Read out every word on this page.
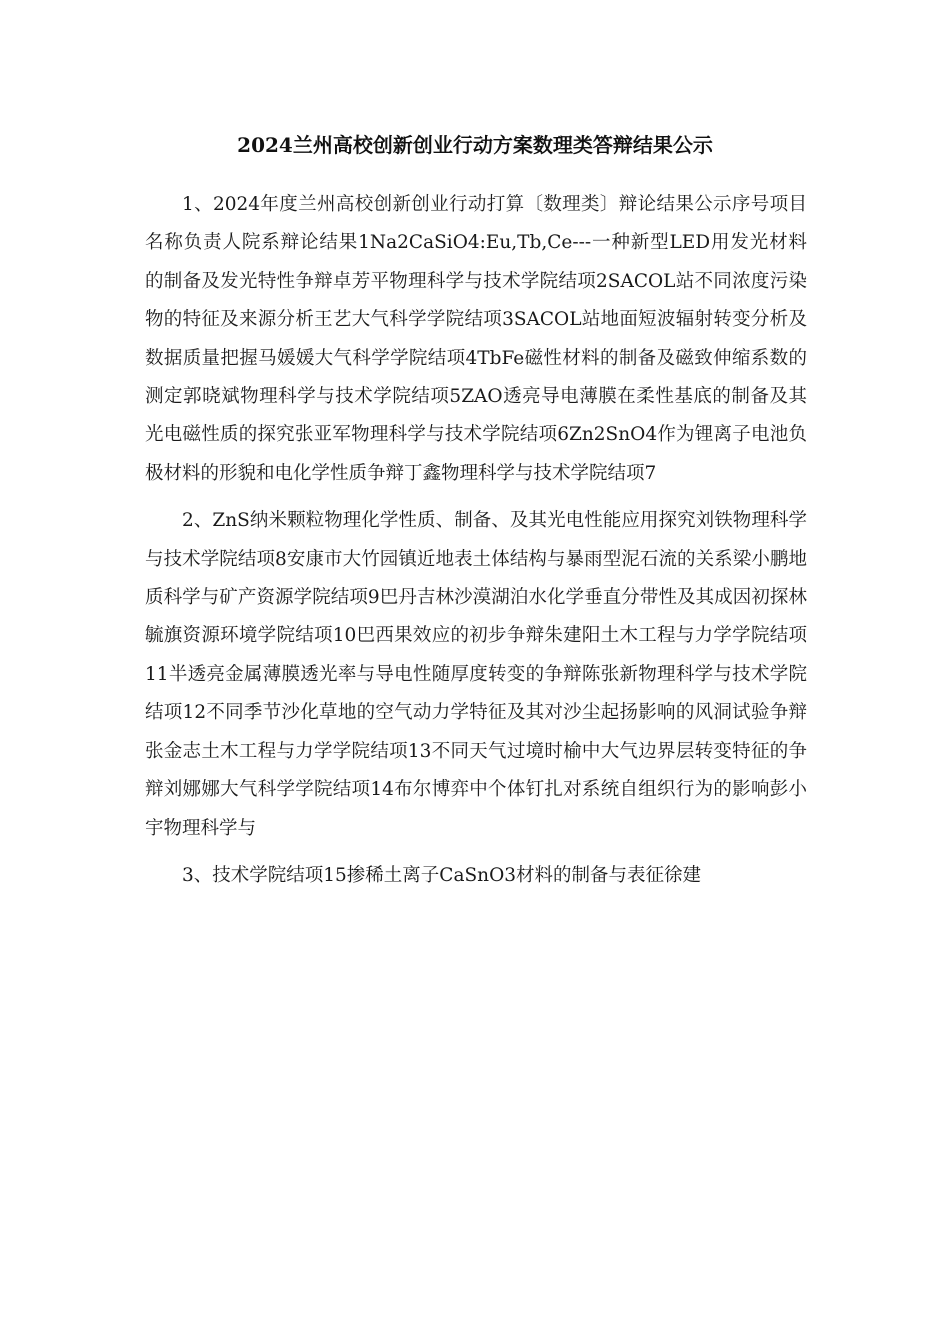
2024兰州高校创新创业行动方案数理类答辩结果公示

1、2024年度兰州高校创新创业行动打算〔数理类〕辩论结果公示序号项目名称负责人院系辩论结果1Na2CaSiO4:Eu,Tb,Ce---一种新型LED用发光材料的制备及发光特性争辩卓芳平物理科学与技术学院结项2SACOL站不同浓度污染物的特征及来源分析王艺大气科学学院结项3SACOL站地面短波辐射转变分析及数据质量把握马媛媛大气科学学院结项4TbFe磁性材料的制备及磁致伸缩系数的测定郭晓斌物理科学与技术学院结项5ZAO透亮导电薄膜在柔性基底的制备及其光电磁性质的探究张亚军物理科学与技术学院结项6Zn2SnO4作为锂离子电池负极材料的形貌和电化学性质争辩丁鑫物理科学与技术学院结项7

2、ZnS纳米颗粒物理化学性质、制备、及其光电性能应用探究刘铁物理科学与技术学院结项8安康市大竹园镇近地表土体结构与暴雨型泥石流的关系梁小鹏地质科学与矿产资源学院结项9巴丹吉林沙漠湖泊水化学垂直分带性及其成因初探林毓旗资源环境学院结项10巴西果效应的初步争辩朱建阳土木工程与力学学院结项11半透亮金属薄膜透光率与导电性随厚度转变的争辩陈张新物理科学与技术学院结项12不同季节沙化草地的空气动力学特征及其对沙尘起扬影响的风洞试验争辩张金志土木工程与力学学院结项13不同天气过境时榆中大气边界层转变特征的争辩刘娜娜大气科学学院结项14布尔博弈中个体钉扎对系统自组织行为的影响彭小宇物理科学与

3、技术学院结项15掺稀土离子CaSnO3材料的制备与表征徐建
